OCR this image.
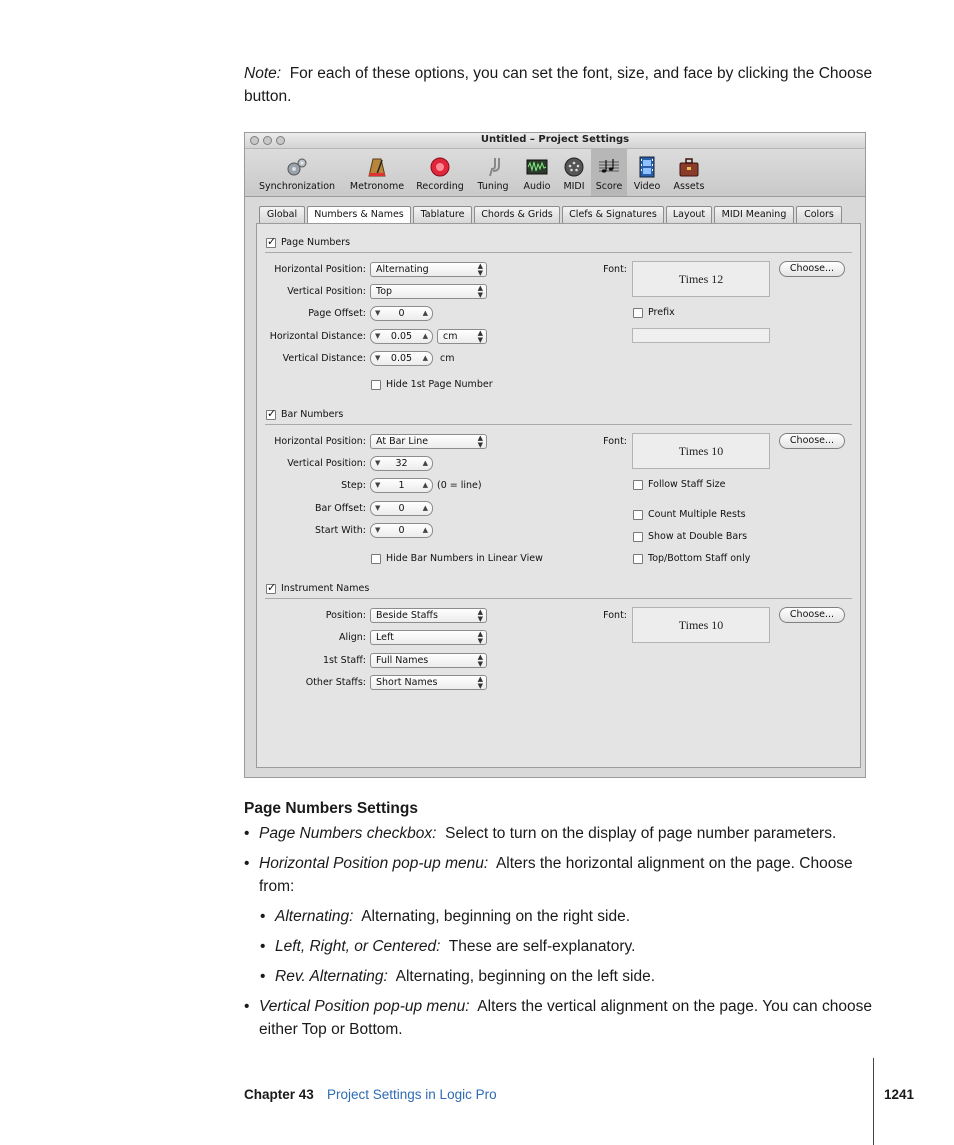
Note: For each of these options, you can set the font, size, and face by clicking the Choose button.
Untitled – Project Settings
Synchronization	Metronome	Recording	Tuning	Audio	MIDI	Score	Video	Assets
Global	Numbers & Names	Tablature	Chords & Grids	Clefs & Signatures	Layout	MIDI Meaning	Colors
✓
Page Numbers
Horizontal Position:	Alternating	▲
▼
Vertical Position:	Top	▲
▼
Page Offset: ▼ 0	▲
Horizontal Distance: ▼ 0.05 ▲	cm	▲
▼
Vertical Distance: ▼ 0.05 ▲ cm
Hide 1st Page Number
Font:
Times 12
Choose...
Prefix
✓
Bar Numbers
Horizontal Position:	At Bar Line	▲
▼
Vertical Position: ▼ 32 ▲
Step: ▼ 1	▲ (0 = line)
Bar Offset: ▼ 0	▲
Start With: ▼ 0	▲
Hide Bar Numbers in Linear View
Font:
Times 10
Choose...
Follow Staff Size
Count Multiple Rests
Show at Double Bars
Top/Bottom Staff only
✓
Instrument Names
Position:	Beside Staffs	▲
▼
Align:	Left	▲
▼
1st Staff:	Full Names	▲
▼
Other Staffs:	Short Names	▲
▼
Font:
Times 10
Choose...
Page Numbers Settings
• Page Numbers checkbox: Select to turn on the display of page number parameters.
• Horizontal Position pop-up menu: Alters the horizontal alignment on the page. Choose from:
• Alternating: Alternating, beginning on the right side.
• Left, Right, or Centered: These are self-explanatory.
• Rev. Alternating: Alternating, beginning on the left side.
• Vertical Position pop-up menu: Alters the vertical alignment on the page. You can choose either Top or Bottom.
Chapter 43 Project Settings in Logic Pro	1241
